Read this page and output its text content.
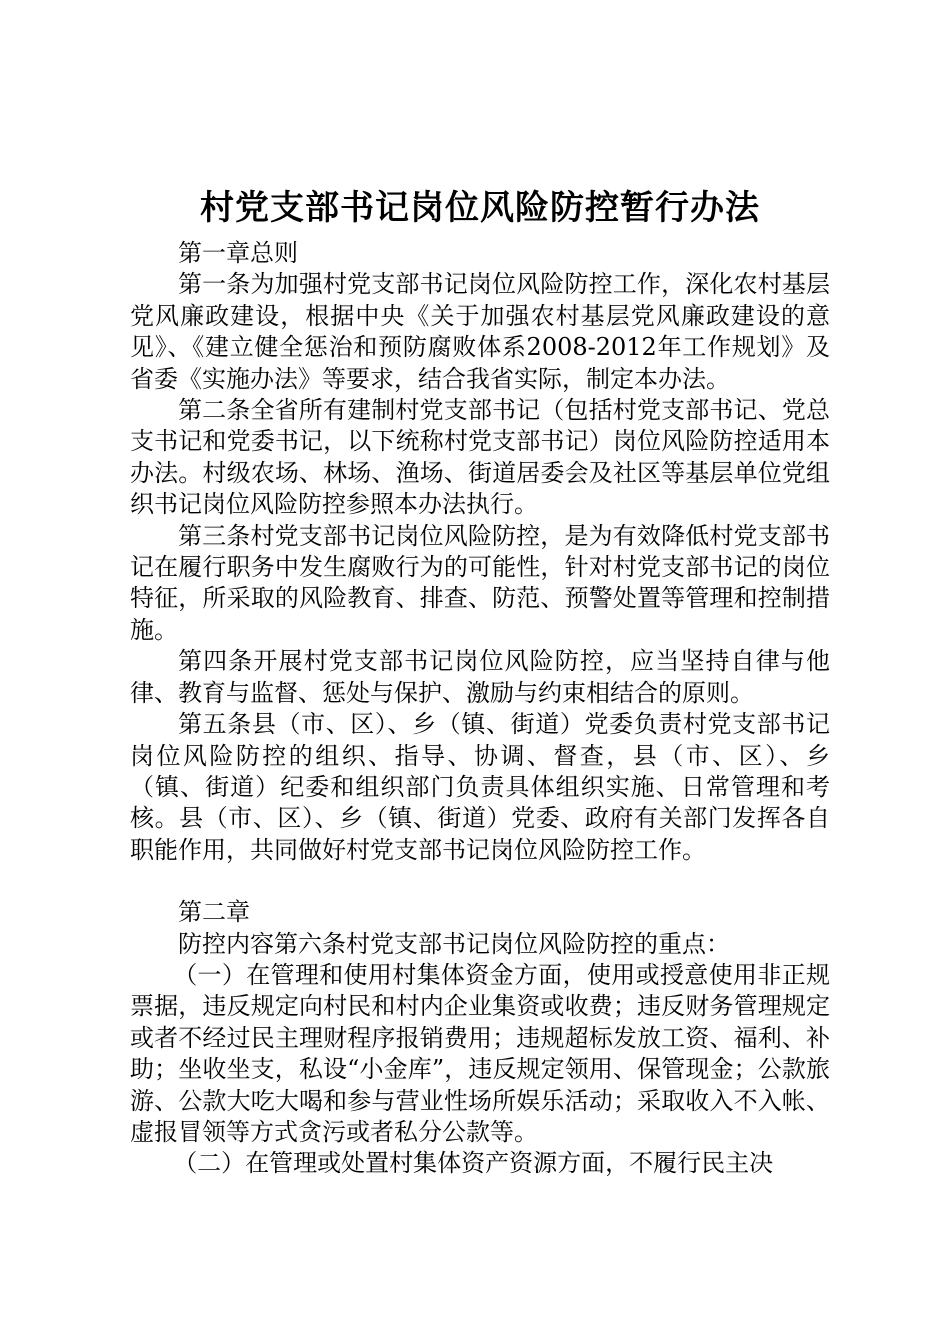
村党支部书记岗位风险防控暂行办法

第一章总则

第一条为加强村党支部书记岗位风险防控工作，深化农村基层党风廉政建设，根据中央《关于加强农村基层党风廉政建设的意见》、《建立健全惩治和预防腐败体系2008-2012年工作规划》及省委《实施办法》等要求，结合我省实际，制定本办法。

第二条全省所有建制村党支部书记（包括村党支部书记、党总支书记和党委书记，以下统称村党支部书记）岗位风险防控适用本办法。村级农场、林场、渔场、街道居委会及社区等基层单位党组织书记岗位风险防控参照本办法执行。

第三条村党支部书记岗位风险防控，是为有效降低村党支部书记在履行职务中发生腐败行为的可能性，针对村党支部书记的岗位特征，所采取的风险教育、排查、防范、预警处置等管理和控制措施。

第四条开展村党支部书记岗位风险防控，应当坚持自律与他律、教育与监督、惩处与保护、激励与约束相结合的原则。

第五条县（市、区）、乡（镇、街道）党委负责村党支部书记岗位风险防控的组织、指导、协调、督查，县（市、区）、乡（镇、街道）纪委和组织部门负责具体组织实施、日常管理和考核。县（市、区）、乡（镇、街道）党委、政府有关部门发挥各自职能作用，共同做好村党支部书记岗位风险防控工作。

第二章

防控内容第六条村党支部书记岗位风险防控的重点：

（一）在管理和使用村集体资金方面，使用或授意使用非正规票据，违反规定向村民和村内企业集资或收费；违反财务管理规定或者不经过民主理财程序报销费用；违规超标发放工资、福利、补助；坐收坐支，私设“小金库”，违反规定领用、保管现金；公款旅游、公款大吃大喝和参与营业性场所娱乐活动；采取收入不入帐、虚报冒领等方式贪污或者私分公款等。

（二）在管理或处置村集体资产资源方面，不履行民主决
